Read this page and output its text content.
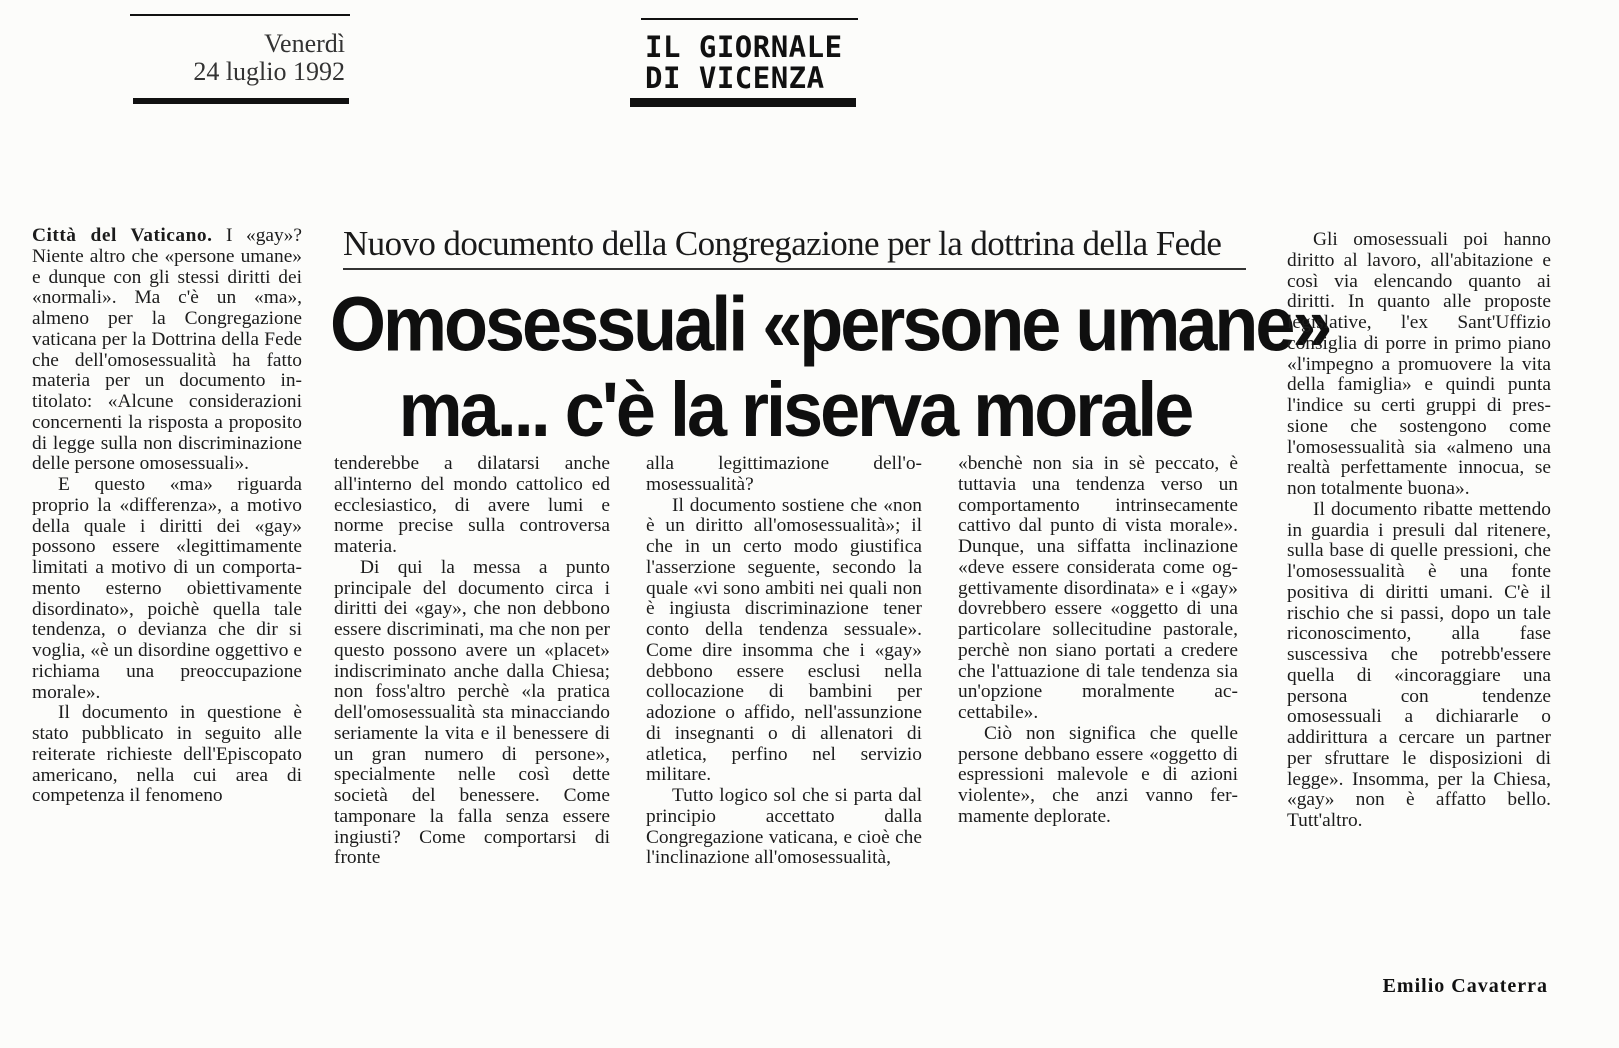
Venerdì
24 luglio 1992
IL GIORNALE
DI VICENZA
Nuovo documento della Congregazione per la dottrina della Fede
Omosessuali «persone umane»
ma... c'è la riserva morale

Città del Vaticano. I «gay»? Niente altro che «persone umane» e dunque con gli stessi diritti dei «normali». Ma c'è un «ma», almeno per la Congregazione vaticana per la Dottrina della Fede che dell'omosessualità ha fatto materia per un documento intitolato: «Alcune considerazioni concernenti la risposta a proposito di legge sulla non discriminazione delle persone omosessuali».

E questo «ma» riguarda proprio la «differenza», a motivo della quale i diritti dei «gay» possono essere «legittimamente limitati a motivo di un comportamento esterno obiettivamente disordinato», poichè quella tale tendenza, o devianza che dir si voglia, «è un disordine oggettivo e richiama una preoccupazione morale».

Il documento in questione è stato pubblicato in seguito alle reiterate richieste dell'Episcopato americano, nella cui area di competenza il fenomeno

tenderebbe a dilatarsi anche all'interno del mondo cattolico ed ecclesiastico, di avere lumi e norme precise sulla controversa materia.

Di qui la messa a punto principale del documento circa i diritti dei «gay», che non debbono essere discriminati, ma che non per questo possono avere un «placet» indiscriminato anche dalla Chiesa; non foss'altro perchè «la pratica dell'omosessualità sta minacciando seriamente la vita e il benessere di un gran numero di persone», specialmente nelle così dette società del benessere. Come tamponare la falla senza essere ingiusti? Come comportarsi di fronte

alla legittimazione dell'omosessualità?

Il documento sostiene che «non è un diritto all'omosessualità»; il che in un certo modo giustifica l'asserzione seguente, secondo la quale «vi sono ambiti nei quali non è ingiusta discriminazione tener conto della tendenza sessuale». Come dire insomma che i «gay» debbono essere esclusi nella collocazione di bambini per adozione o affido, nell'assunzione di insegnanti o di allenatori di atletica, perfino nel servizio militare.

Tutto logico sol che si parta dal principio accettato dalla Congregazione vaticana, e cioè che l'inclinazione all'omosessualità,

«benchè non sia in sè peccato, è tuttavia una tendenza verso un comportamento intrinsecamente cattivo dal punto di vista morale». Dunque, una siffatta inclinazione «deve essere considerata come oggettivamente disordinata» e i «gay» dovrebbero essere «oggetto di una particolare sollecitudine pastorale, perchè non siano portati a credere che l'attuazione di tale tendenza sia un'opzione moralmente accettabile».

Ciò non significa che quelle persone debbano essere «oggetto di espressioni malevole e di azioni violente», che anzi vanno fermamente deplorate.

Gli omosessuali poi hanno diritto al lavoro, all'abitazione e così via elencando quanto ai diritti. In quanto alle proposte legislative, l'ex Sant'Uffizio consiglia di porre in primo piano «l'impegno a promuovere la vita della famiglia» e quindi punta l'indice su certi gruppi di pressione che sostengono come l'omosessualità sia «almeno una realtà perfettamente innocua, se non totalmente buona».

Il documento ribatte mettendo in guardia i presuli dal ritenere, sulla base di quelle pressioni, che l'omosessualità è una fonte positiva di diritti umani. C'è il rischio che si passi, dopo un tale riconoscimento, alla fase suscessiva che potrebb'essere quella di «incoraggiare una persona con tendenze omosessuali a dichiararle o addirittura a cercare un partner per sfruttare le disposizioni di legge». Insomma, per la Chiesa, «gay» non è affatto bello. Tutt'altro.

Emilio Cavaterra
